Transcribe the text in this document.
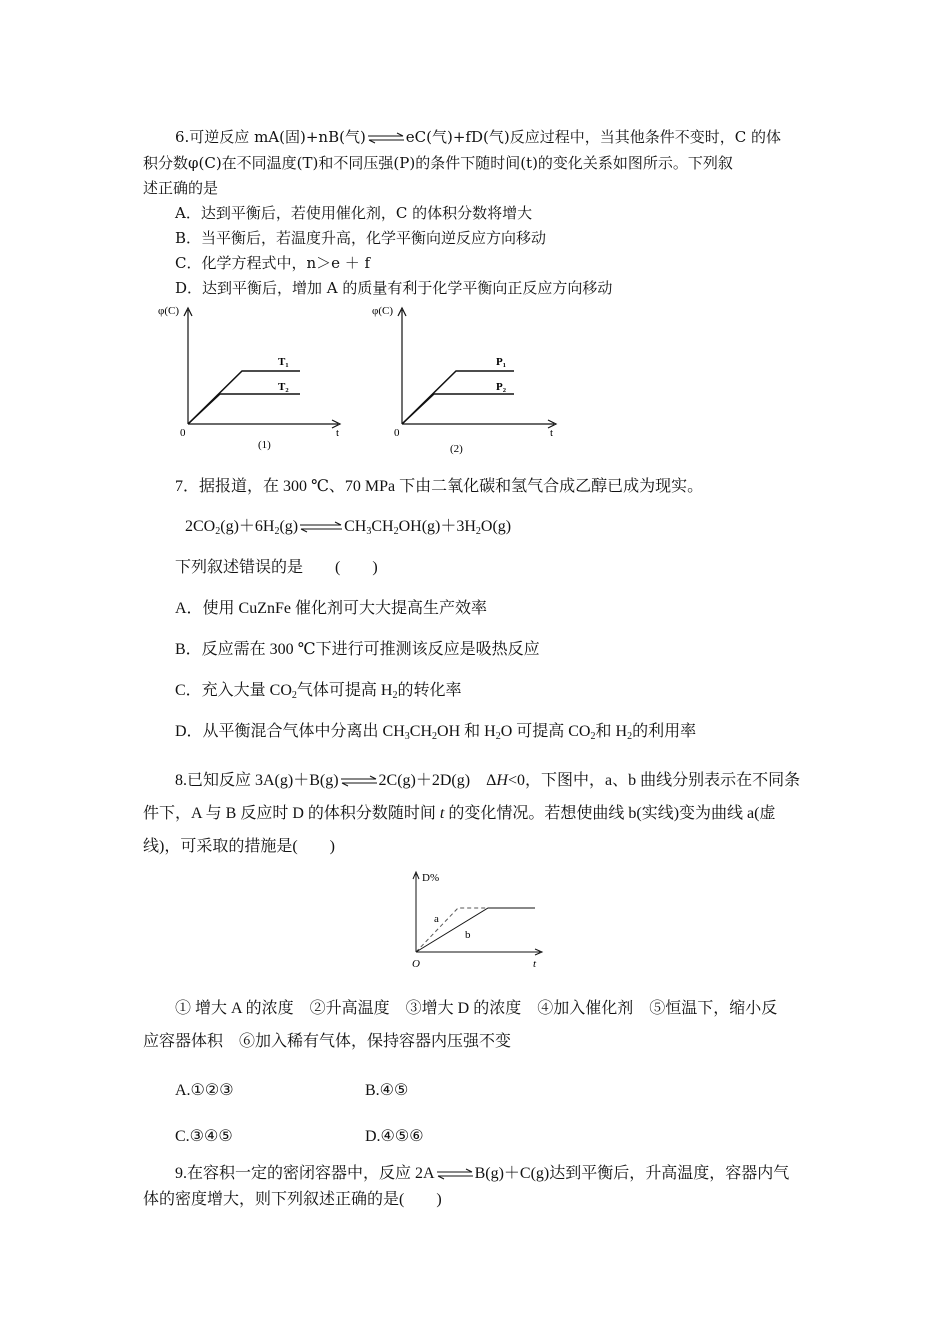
6.可逆反应 mA(固)+nB(气)⇌eC(气)+fD(气)反应过程中，当其他条件不变时，C 的体
积分数φ(C)在不同温度(T)和不同压强(P)的条件下随时间(t)的变化关系如图所示。下列叙
述正确的是
A．达到平衡后，若使用催化剂，C 的体积分数将增大
B．当平衡后，若温度升高，化学平衡向逆反应方向移动
C．化学方程式中，n＞e ＋ f
D．达到平衡后，增加 A 的质量有利于化学平衡向正反应方向移动
φ(C)
t
0
T₁
T₂
(1)
φ(C)
t
0
P₁
P₂
(2)
7．据报道，在 300 ℃、70 MPa 下由二氧化碳和氢气合成乙醇已成为现实。
$2CO_2(g)+6H_2(g)\rightleftharpoons CH_3CH_2OH(g)+3H_2O(g)$
下列叙述错误的是　　(　　)
A．使用 CuZnFe 催化剂可大大提高生产效率
B．反应需在 300 ℃下进行可推测该反应是吸热反应
C．充入大量 $CO_2$气体可提高 $H_2$的转化率
D．从平衡混合气体中分离出 $CH_3CH_2OH$ 和 $H_2O$ 可提高 $CO_2$和 $H_2$的利用率
8.已知反应 3A(g)＋B(g)⇌2C(g)＋2D(g)　ΔH<0，下图中，a、b 曲线分别表示在不同条
件下，A 与 B 反应时 D 的体积分数随时间 t 的变化情况。若想使曲线 b(实线)变为曲线 a(虚
线)，可采取的措施是(　　)
D%
t
O
a
b
① 增大 A 的浓度　②升高温度　③增大 D 的浓度　④加入催化剂　⑤恒温下，缩小反
应容器体积　⑥加入稀有气体，保持容器内压强不变
A.①②③	B.④⑤
C.③④⑤	D.④⑤⑥
9.在容积一定的密闭容器中，反应 2A⇌B(g)＋C(g)达到平衡后，升高温度，容器内气
体的密度增大，则下列叙述正确的是(　　)
